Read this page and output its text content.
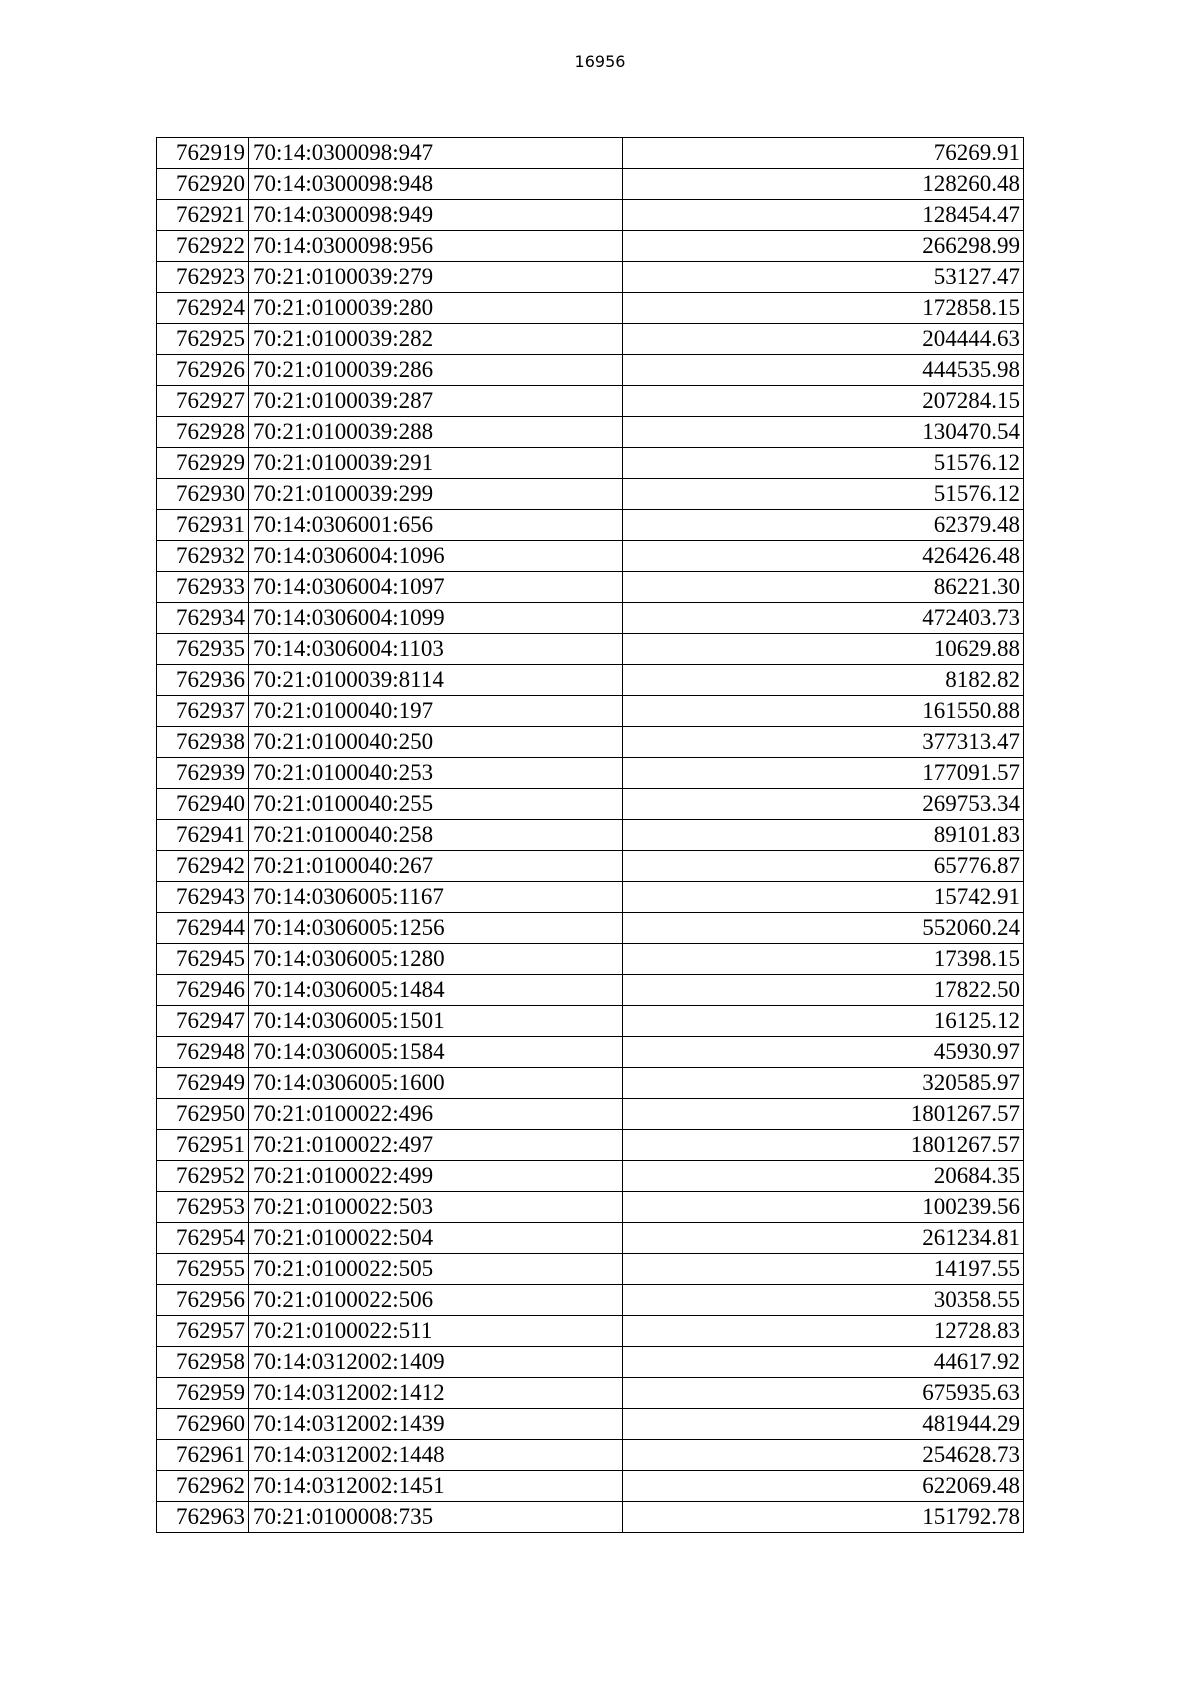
16956
762919	70:14:0300098:947	76269.91
762920	70:14:0300098:948	128260.48
762921	70:14:0300098:949	128454.47
762922	70:14:0300098:956	266298.99
762923	70:21:0100039:279	53127.47
762924	70:21:0100039:280	172858.15
762925	70:21:0100039:282	204444.63
762926	70:21:0100039:286	444535.98
762927	70:21:0100039:287	207284.15
762928	70:21:0100039:288	130470.54
762929	70:21:0100039:291	51576.12
762930	70:21:0100039:299	51576.12
762931	70:14:0306001:656	62379.48
762932	70:14:0306004:1096	426426.48
762933	70:14:0306004:1097	86221.30
762934	70:14:0306004:1099	472403.73
762935	70:14:0306004:1103	10629.88
762936	70:21:0100039:8114	8182.82
762937	70:21:0100040:197	161550.88
762938	70:21:0100040:250	377313.47
762939	70:21:0100040:253	177091.57
762940	70:21:0100040:255	269753.34
762941	70:21:0100040:258	89101.83
762942	70:21:0100040:267	65776.87
762943	70:14:0306005:1167	15742.91
762944	70:14:0306005:1256	552060.24
762945	70:14:0306005:1280	17398.15
762946	70:14:0306005:1484	17822.50
762947	70:14:0306005:1501	16125.12
762948	70:14:0306005:1584	45930.97
762949	70:14:0306005:1600	320585.97
762950	70:21:0100022:496	1801267.57
762951	70:21:0100022:497	1801267.57
762952	70:21:0100022:499	20684.35
762953	70:21:0100022:503	100239.56
762954	70:21:0100022:504	261234.81
762955	70:21:0100022:505	14197.55
762956	70:21:0100022:506	30358.55
762957	70:21:0100022:511	12728.83
762958	70:14:0312002:1409	44617.92
762959	70:14:0312002:1412	675935.63
762960	70:14:0312002:1439	481944.29
762961	70:14:0312002:1448	254628.73
762962	70:14:0312002:1451	622069.48
762963	70:21:0100008:735	151792.78
